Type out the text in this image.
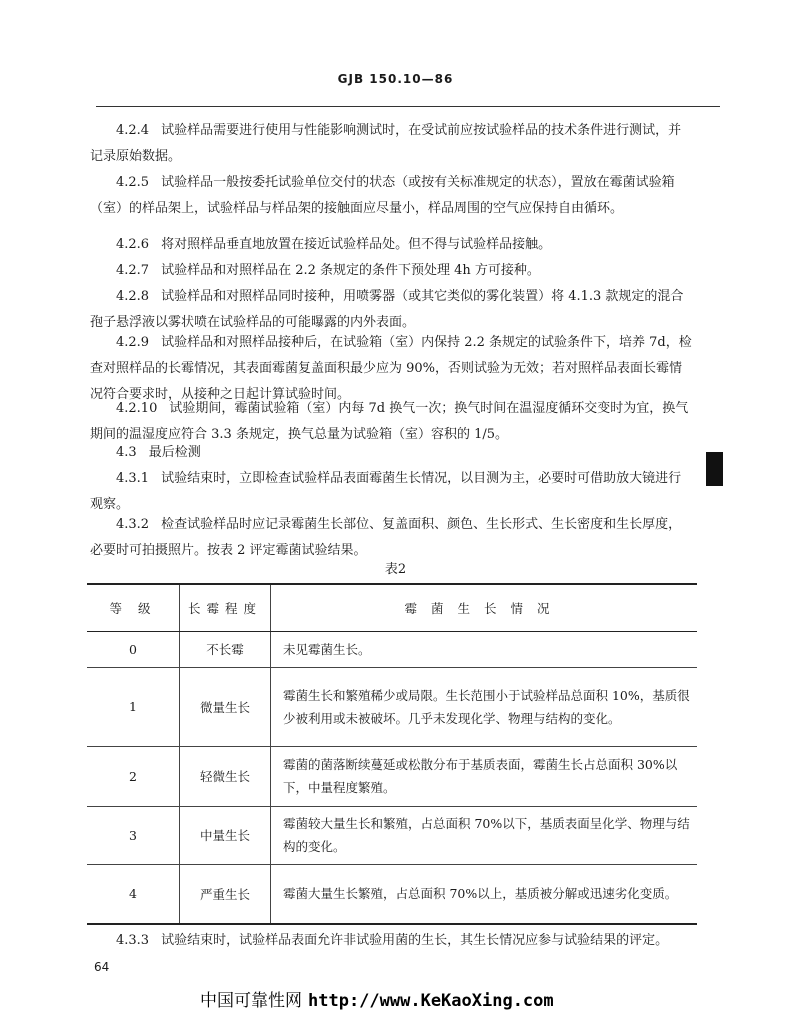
GJB 150.10—86

4.2.4 试验样品需要进行使用与性能影响测试时，在受试前应按试验样品的技术条件进行测试，并记录原始数据。

4.2.5 试验样品一般按委托试验单位交付的状态（或按有关标准规定的状态），置放在霉菌试验箱（室）的样品架上，试验样品与样品架的接触面应尽量小，样品周围的空气应保持自由循环。

4.2.6 将对照样品垂直地放置在接近试验样品处。但不得与试验样品接触。

4.2.7 试验样品和对照样品在 2.2 条规定的条件下预处理 4h 方可接种。

4.2.8 试验样品和对照样品同时接种，用喷雾器（或其它类似的雾化装置）将 4.1.3 款规定的混合孢子悬浮液以雾状喷在试验样品的可能曝露的内外表面。

4.2.9 试验样品和对照样品接种后，在试验箱（室）内保持 2.2 条规定的试验条件下，培养 7d，检查对照样品的长霉情况，其表面霉菌复盖面积最少应为 90%，否则试验为无效；若对照样品表面长霉情况符合要求时，从接种之日起计算试验时间。

4.2.10 试验期间，霉菌试验箱（室）内每 7d 换气一次；换气时间在温湿度循环交变时为宜，换气期间的温湿度应符合 3.3 条规定，换气总量为试验箱（室）容积的 1/5。

4.3 最后检测

4.3.1 试验结束时，立即检查试验样品表面霉菌生长情况，以目测为主，必要时可借助放大镜进行观察。

4.3.2 检查试验样品时应记录霉菌生长部位、复盖面积、颜色、生长形式、生长密度和生长厚度，必要时可拍摄照片。按表 2 评定霉菌试验结果。

表2
等 级	长霉程度	霉菌生长情况
0	不长霉	未见霉菌生长。
1	微量生长	霉菌生长和繁殖稀少或局限。生长范围小于试验样品总面积 10%，基质很少被利用或未被破坏。几乎未发现化学、物理与结构的变化。
2	轻微生长	霉菌的菌落断续蔓延或松散分布于基质表面，霉菌生长占总面积 30%以下，中量程度繁殖。
3	中量生长	霉菌较大量生长和繁殖，占总面积 70%以下，基质表面呈化学、物理与结构的变化。
4	严重生长	霉菌大量生长繁殖，占总面积 70%以上，基质被分解或迅速劣化变质。

4.3.3 试验结束时，试验样品表面允许非试验用菌的生长，其生长情况应参与试验结果的评定。

64
中国可靠性网 http://www.KeKaoXing.com
